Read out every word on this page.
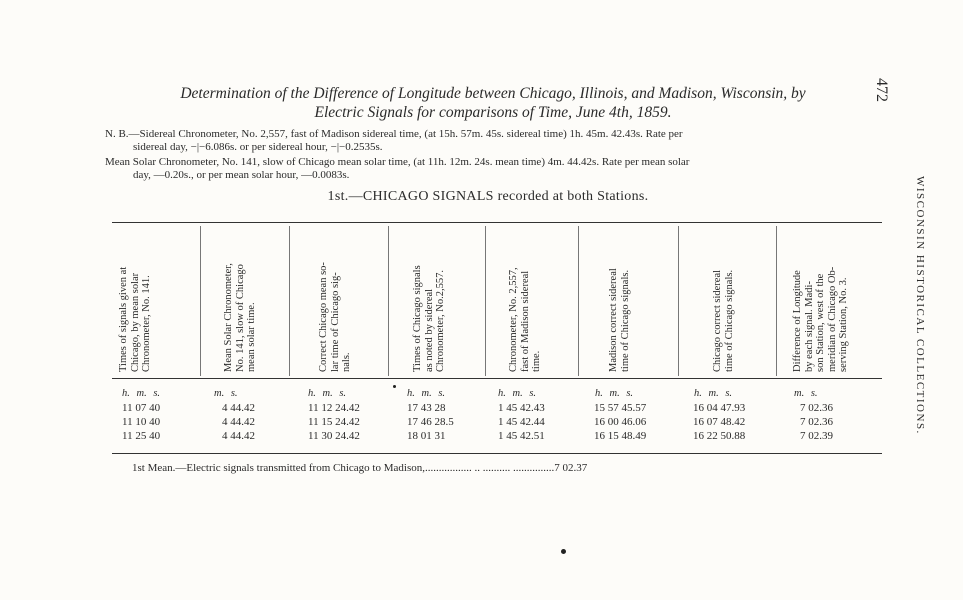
Determination of the Difference of Longitude between Chicago, Illinois, and Madison, Wisconsin, by
Electric Signals for comparisons of Time, June 4th, 1859.
472
WISCONSIN HISTORICAL COLLECTIONS.
N. B.—Sidereal Chronometer, No. 2,557, fast of Madison sidereal time, (at 15h. 57m. 45s. sidereal time) 1h. 45m. 42.43s. Rate per
sidereal day, −|−6.086s. or per sidereal hour, −|−0.2535s.
Mean Solar Chronometer, No. 141, slow of Chicago mean solar time, (at 11h. 12m. 24s. mean time) 4m. 44.42s. Rate per mean solar
day, —0.20s., or per mean solar hour, —0.0083s.
1st.—CHICAGO SIGNALS recorded at both Stations.
Times of signals given at Chicago, by mean solar Chronometer, No. 141.	Mean Solar Chronometer, No. 141, slow of Chicago mean solar time.	Correct Chicago mean so- lar time of Chicago sig- nals.	Times of Chicago signals as noted by sidereal Chronometer, No.2,557.	Chronometer, No. 2,557, fast of Madison sidereal time.	Madison correct sidereal time of Chicago signals.	Chicago correct sidereal time of Chicago signals.	Difference of Longitude by each signal. Madi- son Station, west of the meridian of Chicago Ob- serving Station, No. 3.
h. m. s.	m. s.	h. m. s.	h. m. s.	h. m. s.	h. m. s.	h. m. s.	m. s.
11 07 40	4 44.42	11 12 24.42	17 43 28	1 45 42.43	15 57 45.57	16 04 47.93	7 02.36
11 10 40	4 44.42	11 15 24.42	17 46 28.5	1 45 42.44	16 00 46.06	16 07 48.42	7 02.36
11 25 40	4 44.42	11 30 24.42	18 01 31	1 45 42.51	16 15 48.49	16 22 50.88	7 02.39
1st Mean.—Electric signals transmitted from Chicago to Madison,................. .. .......... ...............7 02.37
